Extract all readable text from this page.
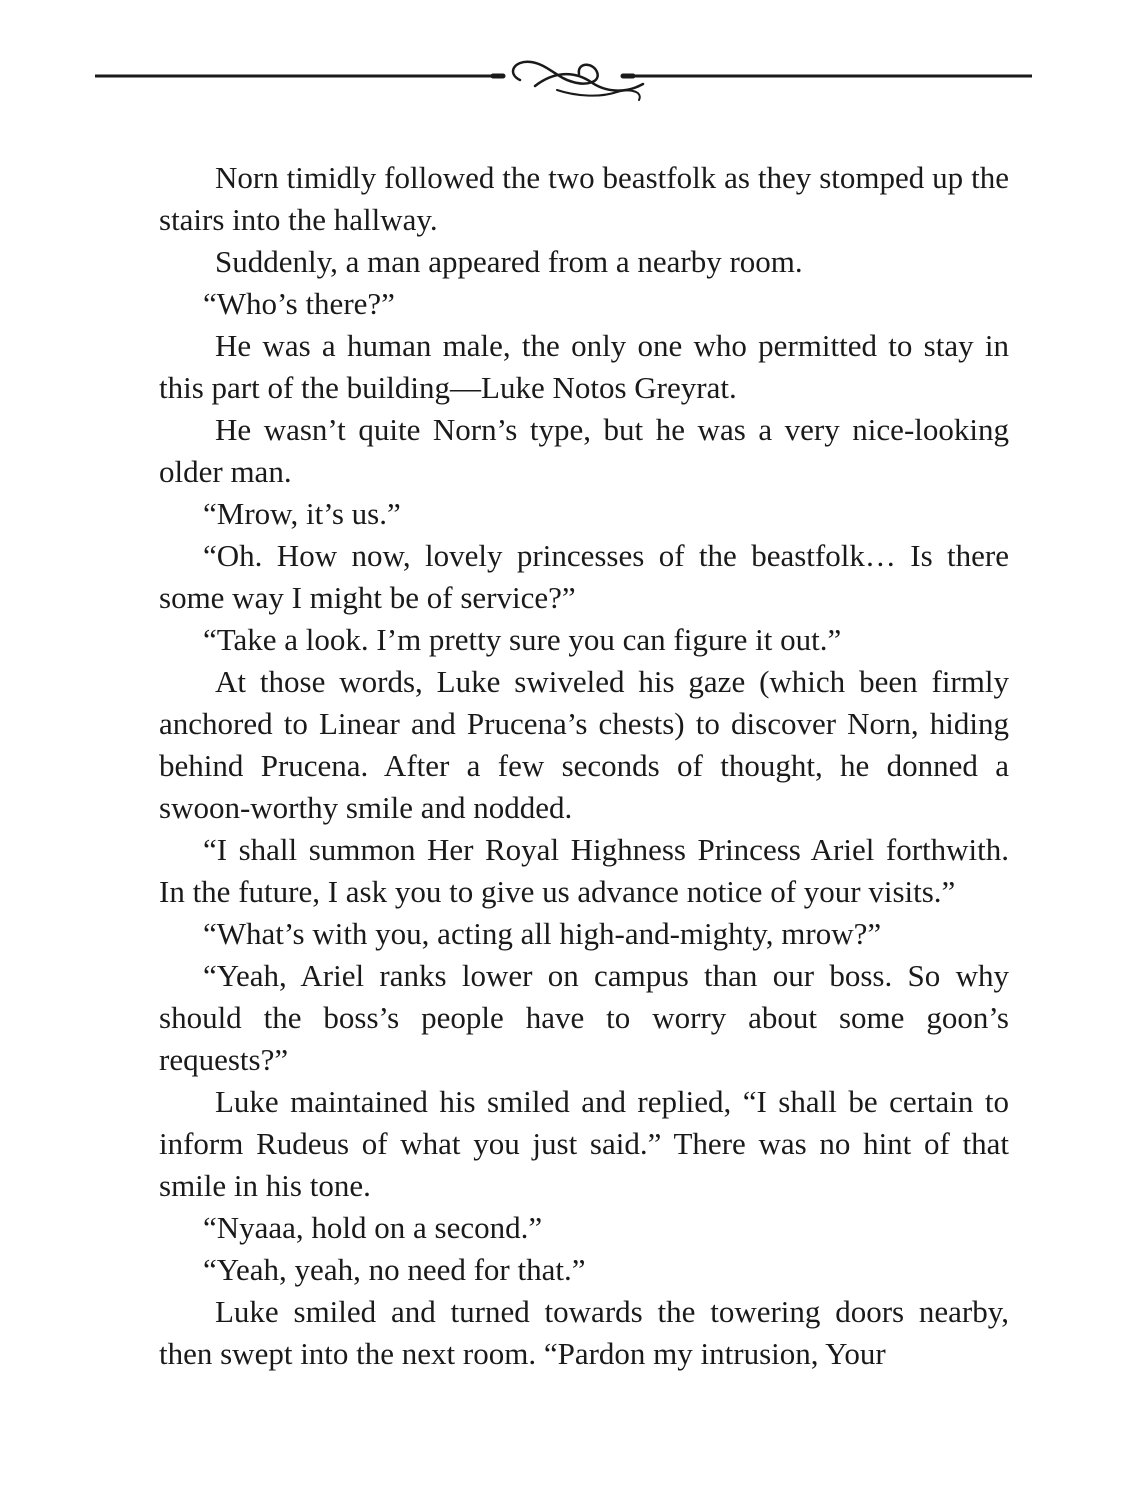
Norn timidly followed the two beastfolk as they stomped up the stairs into the hallway.

Suddenly, a man appeared from a nearby room.

“Who’s there?”

He was a human male, the only one who permitted to stay in this part of the building—Luke Notos Greyrat.

He wasn’t quite Norn’s type, but he was a very nice-looking older man.

“Mrow, it’s us.”

“Oh. How now, lovely princesses of the beastfolk… Is there some way I might be of service?”

“Take a look. I’m pretty sure you can figure it out.”

At those words, Luke swiveled his gaze (which been firmly anchored to Linear and Prucena’s chests) to discover Norn, hiding behind Prucena. After a few seconds of thought, he donned a swoon-worthy smile and nodded.

“I shall summon Her Royal Highness Princess Ariel forthwith. In the future, I ask you to give us advance notice of your visits.”

“What’s with you, acting all high-and-mighty, mrow?”

“Yeah, Ariel ranks lower on campus than our boss. So why should the boss’s people have to worry about some goon’s requests?”

Luke maintained his smiled and replied, “I shall be certain to inform Rudeus of what you just said.” There was no hint of that smile in his tone.

“Nyaaa, hold on a second.”

“Yeah, yeah, no need for that.”

Luke smiled and turned towards the towering doors nearby, then swept into the next room. “Pardon my intrusion, Your
